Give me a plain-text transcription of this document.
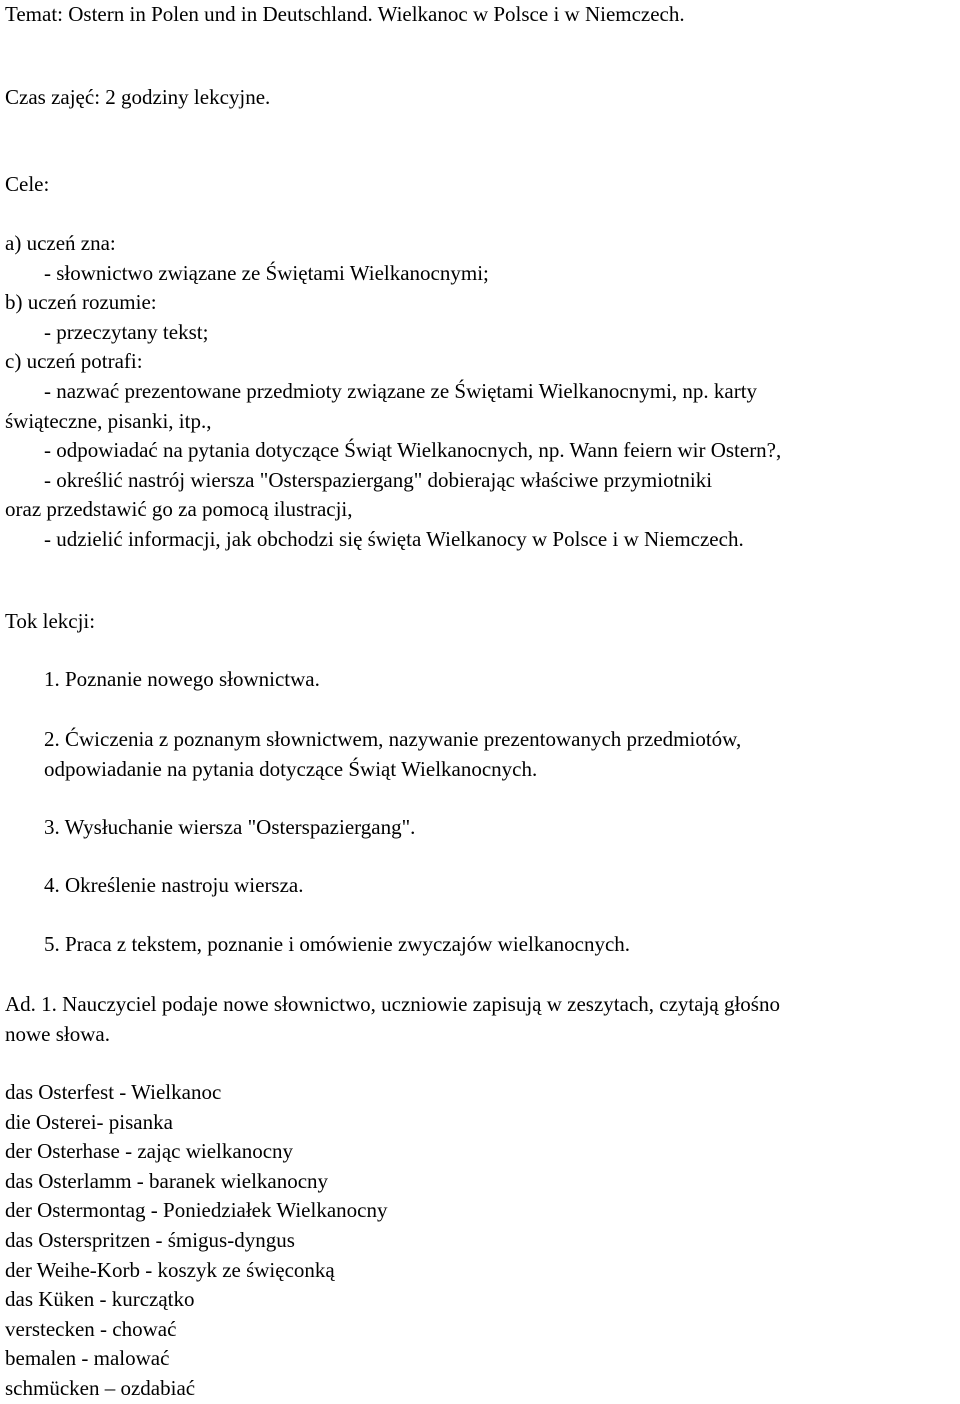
Temat: Ostern in Polen und in Deutschland. Wielkanoc w Polsce i w Niemczech.
Czas zajęć: 2 godziny lekcyjne.
Cele:
a) uczeń zna:
- słownictwo związane ze Świętami Wielkanocnymi;
b) uczeń rozumie:
- przeczytany tekst;
c) uczeń potrafi:
- nazwać prezentowane przedmioty związane ze Świętami Wielkanocnymi, np. karty
świąteczne, pisanki, itp.,
- odpowiadać na pytania dotyczące Świąt Wielkanocnych, np. Wann feiern wir Ostern?,
- określić nastrój wiersza "Osterspaziergang" dobierając właściwe przymiotniki
oraz przedstawić go za pomocą ilustracji,
- udzielić informacji, jak obchodzi się święta Wielkanocy w Polsce i w Niemczech.
Tok lekcji:
1. Poznanie nowego słownictwa.
2. Ćwiczenia z poznanym słownictwem, nazywanie prezentowanych przedmiotów,
odpowiadanie na pytania dotyczące Świąt Wielkanocnych.
3. Wysłuchanie wiersza "Osterspaziergang".
4. Określenie nastroju wiersza.
5. Praca z tekstem, poznanie i omówienie zwyczajów wielkanocnych.
Ad. 1. Nauczyciel podaje nowe słownictwo, uczniowie zapisują w zeszytach, czytają głośno
nowe słowa.
das Osterfest - Wielkanoc
die Osterei- pisanka
der Osterhase - zając wielkanocny
das Osterlamm - baranek wielkanocny
der Ostermontag - Poniedziałek Wielkanocny
das Osterspritzen - śmigus-dyngus
der Weihe-Korb - koszyk ze święconką
das Küken - kurczątko
verstecken - chować
bemalen - malować
schmücken – ozdabiać
